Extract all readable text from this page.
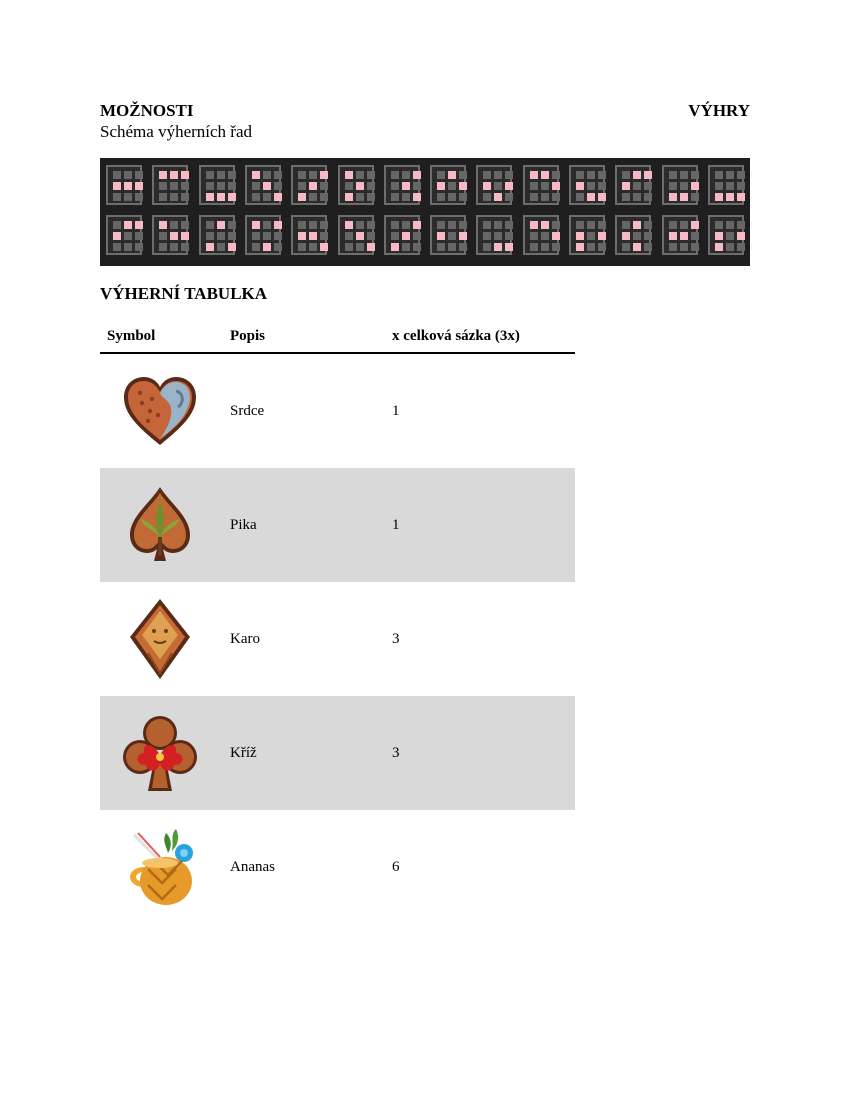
MOŽNOSTI	VÝHRY
Schéma výherních řad
VÝHERNÍ TABULKA
Symbol	Popis	x celková sázka (3x)
Srdce	1
Pika	1
Karo	3
Kříž	3
Ananas	6
